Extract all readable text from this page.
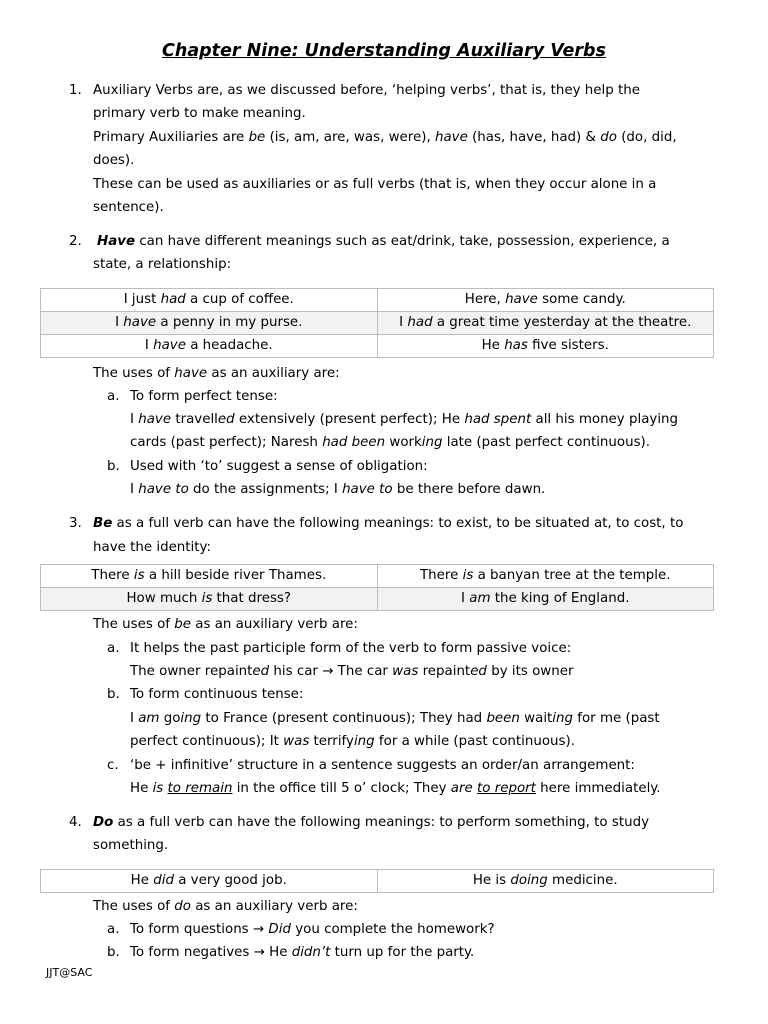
Chapter Nine: Understanding Auxiliary Verbs
1. Auxiliary Verbs are, as we discussed before, ‘helping verbs’, that is, they help the
primary verb to make meaning.
Primary Auxiliaries are be (is, am, are, was, were), have (has, have, had) & do (do, did,
does).
These can be used as auxiliaries or as full verbs (that is, when they occur alone in a
sentence).
2. Have can have different meanings such as eat/drink, take, possession, experience, a
state, a relationship:
I just had a cup of coffee.	Here, have some candy.
I have a penny in my purse.	I had a great time yesterday at the theatre.
I have a headache.	He has five sisters.
The uses of have as an auxiliary are:
a. To form perfect tense:
I have travelled extensively (present perfect); He had spent all his money playing
cards (past perfect); Naresh had been working late (past perfect continuous).
b. Used with ‘to’ suggest a sense of obligation:
I have to do the assignments; I have to be there before dawn.
3. Be as a full verb can have the following meanings: to exist, to be situated at, to cost, to
have the identity:
There is a hill beside river Thames.	There is a banyan tree at the temple.
How much is that dress?	I am the king of England.
The uses of be as an auxiliary verb are:
a. It helps the past participle form of the verb to form passive voice:
The owner repainted his car → The car was repainted by its owner
b. To form continuous tense:
I am going to France (present continuous); They had been waiting for me (past
perfect continuous); It was terrifying for a while (past continuous).
c. ‘be + infinitive’ structure in a sentence suggests an order/an arrangement:
He is to remain in the office till 5 o’ clock; They are to report here immediately.
4. Do as a full verb can have the following meanings: to perform something, to study
something.
He did a very good job.	He is doing medicine.
The uses of do as an auxiliary verb are:
a. To form questions → Did you complete the homework?
b. To form negatives → He didn’t turn up for the party.
JJT@SAC
